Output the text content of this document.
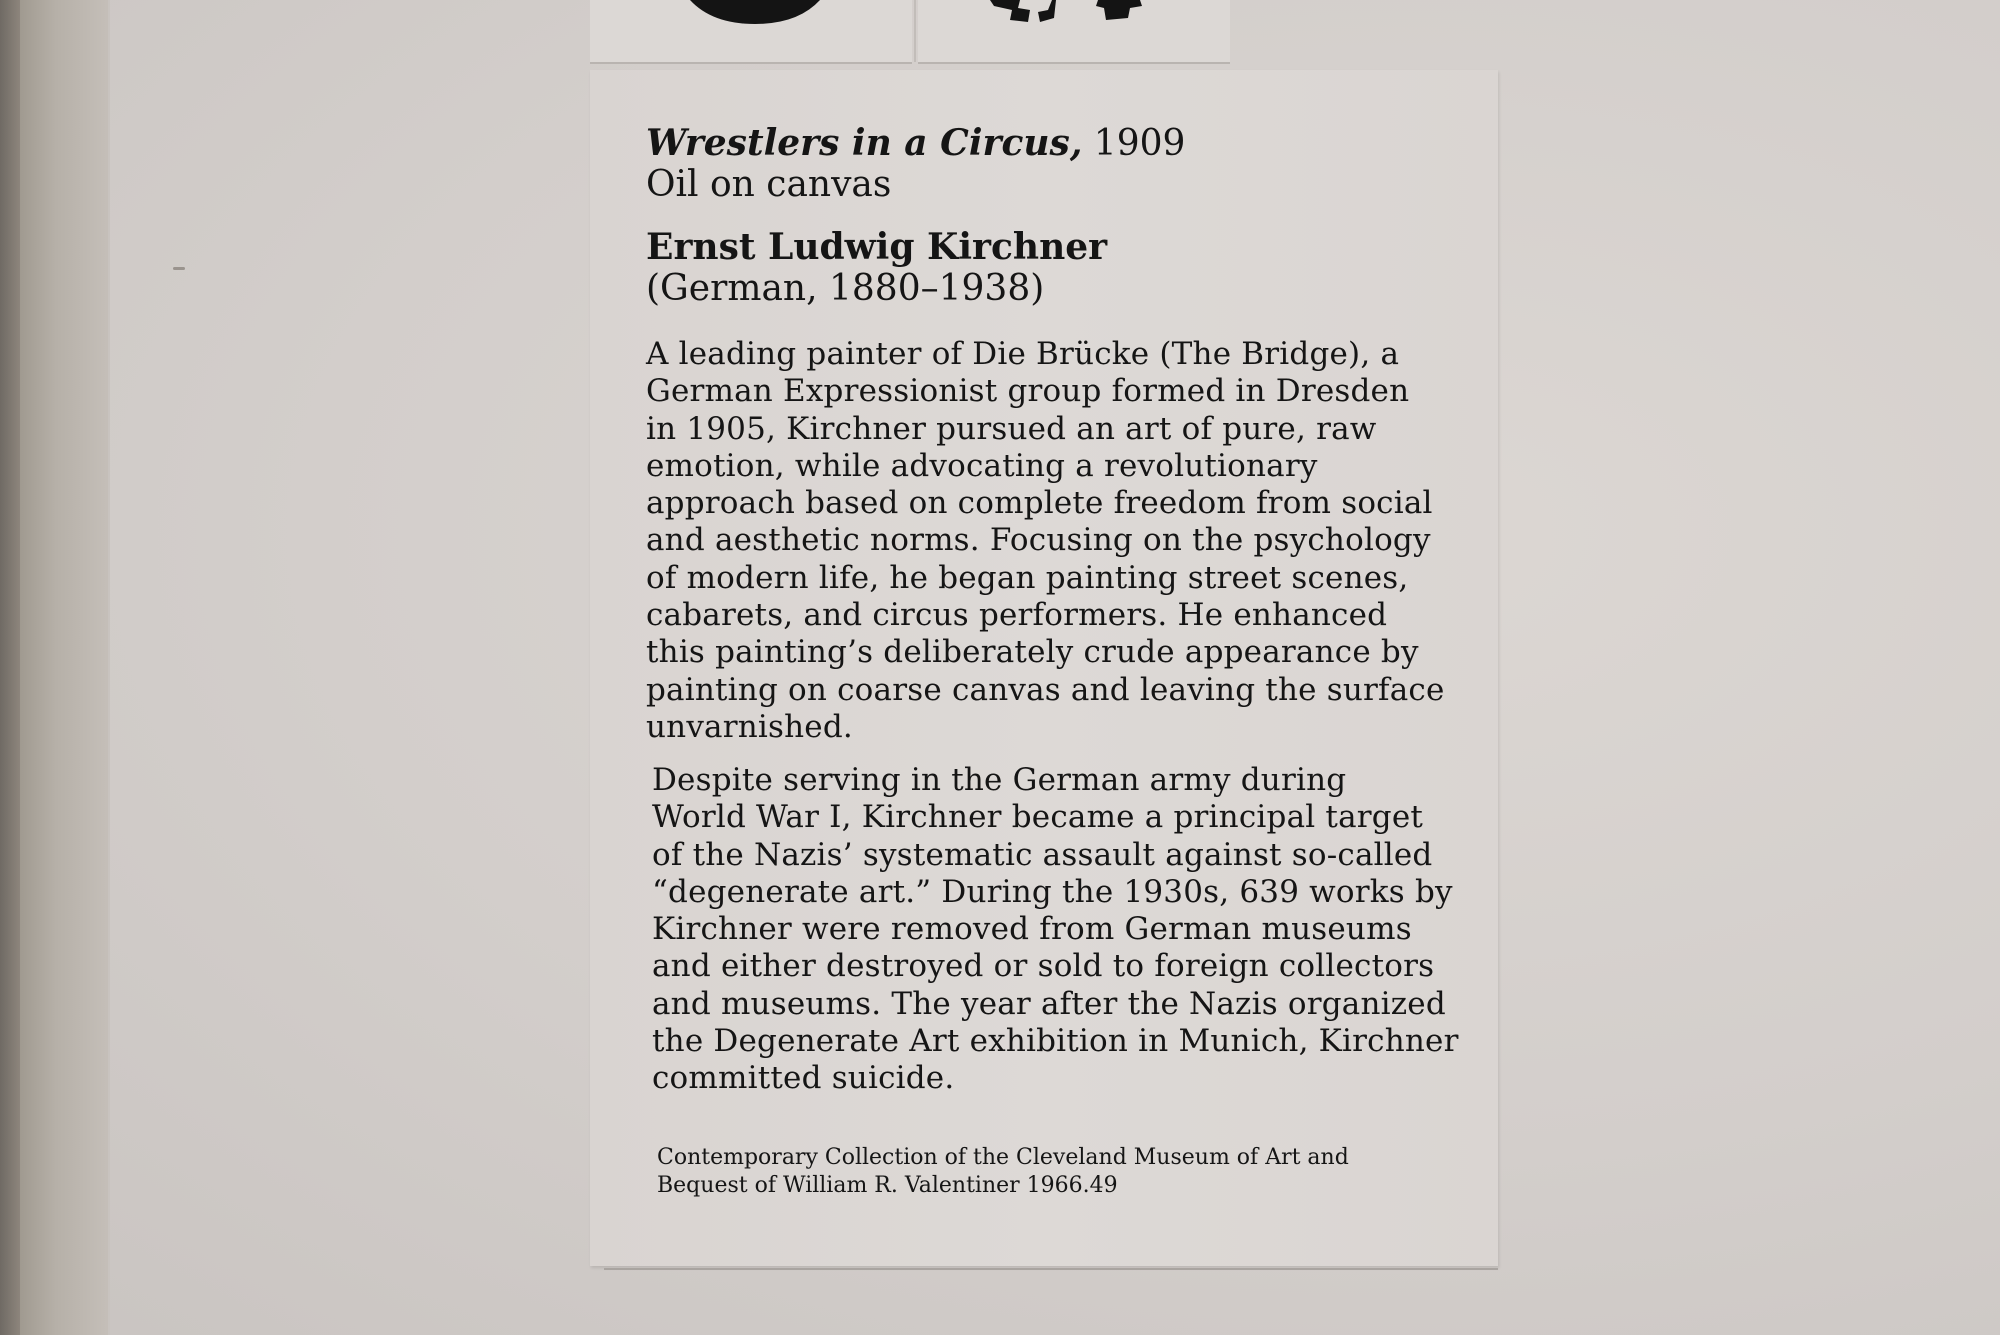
Wrestlers in a Circus, 1909
Oil on canvas
Ernst Ludwig Kirchner
(German, 1880–1938)
A leading painter of Die Brücke (The Bridge), a
German Expressionist group formed in Dresden
in 1905, Kirchner pursued an art of pure, raw
emotion, while advocating a revolutionary
approach based on complete freedom from social
and aesthetic norms. Focusing on the psychology
of modern life, he began painting street scenes,
cabarets, and circus performers. He enhanced
this painting’s deliberately crude appearance by
painting on coarse canvas and leaving the surface
unvarnished.
Despite serving in the German army during
World War I, Kirchner became a principal target
of the Nazis’ systematic assault against so-called
“degenerate art.” During the 1930s, 639 works by
Kirchner were removed from German museums
and either destroyed or sold to foreign collectors
and museums. The year after the Nazis organized
the Degenerate Art exhibition in Munich, Kirchner
committed suicide.
Contemporary Collection of the Cleveland Museum of Art and
Bequest of William R. Valentiner 1966.49
